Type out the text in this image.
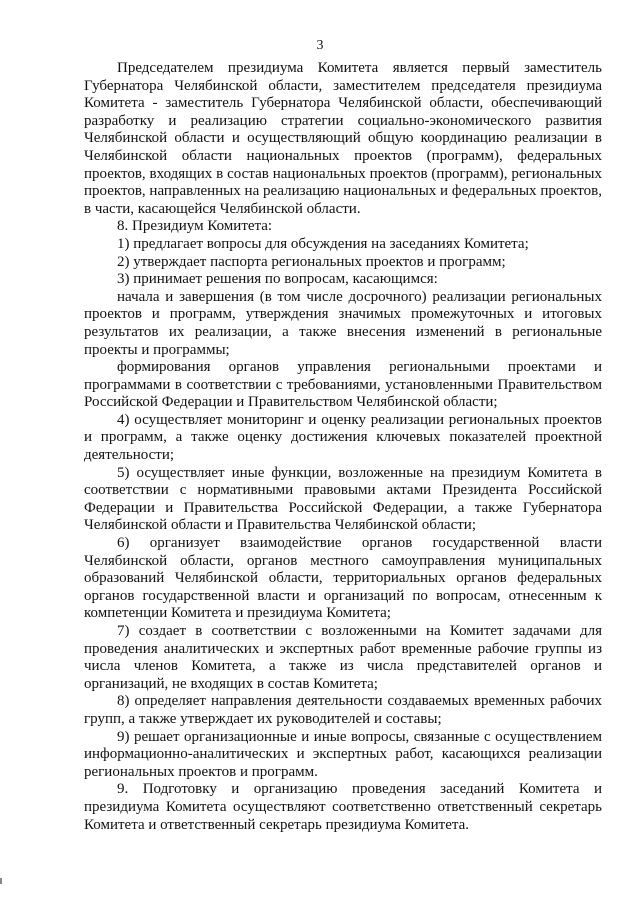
3

Председателем президиума Комитета является первый заместитель Губернатора Челябинской области, заместителем председателя президиума Комитета - заместитель Губернатора Челябинской области, обеспечивающий разработку и реализацию стратегии социально-экономического развития Челябинской области и осуществляющий общую координацию реализации в Челябинской области национальных проектов (программ), федеральных проектов, входящих в состав национальных проектов (программ), региональных проектов, направленных на реализацию национальных и федеральных проектов, в части, касающейся Челябинской области.

8. Президиум Комитета:

1) предлагает вопросы для обсуждения на заседаниях Комитета;

2) утверждает паспорта региональных проектов и программ;

3) принимает решения по вопросам, касающимся:

начала и завершения (в том числе досрочного) реализации региональных проектов и программ, утверждения значимых промежуточных и итоговых результатов их реализации, а также внесения изменений в региональные проекты и программы;

формирования органов управления региональными проектами и программами в соответствии с требованиями, установленными Правительством Российской Федерации и Правительством Челябинской области;

4) осуществляет мониторинг и оценку реализации региональных проектов и программ, а также оценку достижения ключевых показателей проектной деятельности;

5) осуществляет иные функции, возложенные на президиум Комитета в соответствии с нормативными правовыми актами Президента Российской Федерации и Правительства Российской Федерации, а также Губернатора Челябинской области и Правительства Челябинской области;

6) организует взаимодействие органов государственной власти Челябинской области, органов местного самоуправления муниципальных образований Челябинской области, территориальных органов федеральных органов государственной власти и организаций по вопросам, отнесенным к компетенции Комитета и президиума Комитета;

7) создает в соответствии с возложенными на Комитет задачами для проведения аналитических и экспертных работ временные рабочие группы из числа членов Комитета, а также из числа представителей органов и организаций, не входящих в состав Комитета;

8) определяет направления деятельности создаваемых временных рабочих групп, а также утверждает их руководителей и составы;

9) решает организационные и иные вопросы, связанные с осуществлением информационно-аналитических и экспертных работ, касающихся реализации региональных проектов и программ.

9. Подготовку и организацию проведения заседаний Комитета и президиума Комитета осуществляют соответственно ответственный секретарь Комитета и ответственный секретарь президиума Комитета.
